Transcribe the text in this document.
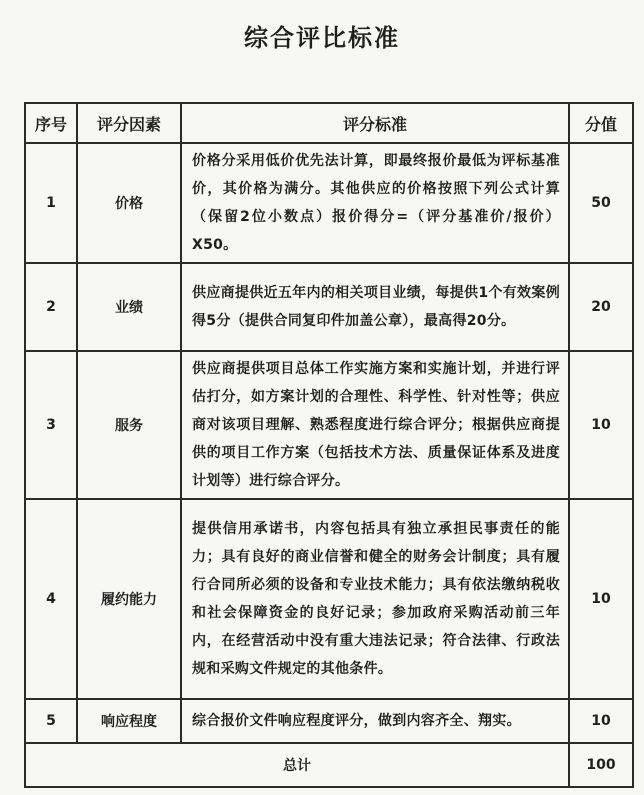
综合评比标准
序号	评分因素	评分标准	分值
1	价格	价格分采用低价优先法计算，即最终报价最低为评标基准价，其价格为满分。其他供应的价格按照下列公式计算（保留2位小数点）报价得分=（评分基准价/报价）X50。	50
2	业绩	供应商提供近五年内的相关项目业绩，每提供1个有效案例得5分（提供合同复印件加盖公章），最高得20分。	20
3	服务	供应商提供项目总体工作实施方案和实施计划，并进行评估打分，如方案计划的合理性、科学性、针对性等；供应商对该项目理解、熟悉程度进行综合评分；根据供应商提供的项目工作方案（包括技术方法、质量保证体系及进度计划等）进行综合评分。	10
4	履约能力	提供信用承诺书，内容包括具有独立承担民事责任的能力；具有良好的商业信誉和健全的财务会计制度；具有履行合同所必须的设备和专业技术能力；具有依法缴纳税收和社会保障资金的良好记录；参加政府采购活动前三年内，在经营活动中没有重大违法记录；符合法律、行政法规和采购文件规定的其他条件。	10
5	响应程度	综合报价文件响应程度评分，做到内容齐全、翔实。	10
总计			100
